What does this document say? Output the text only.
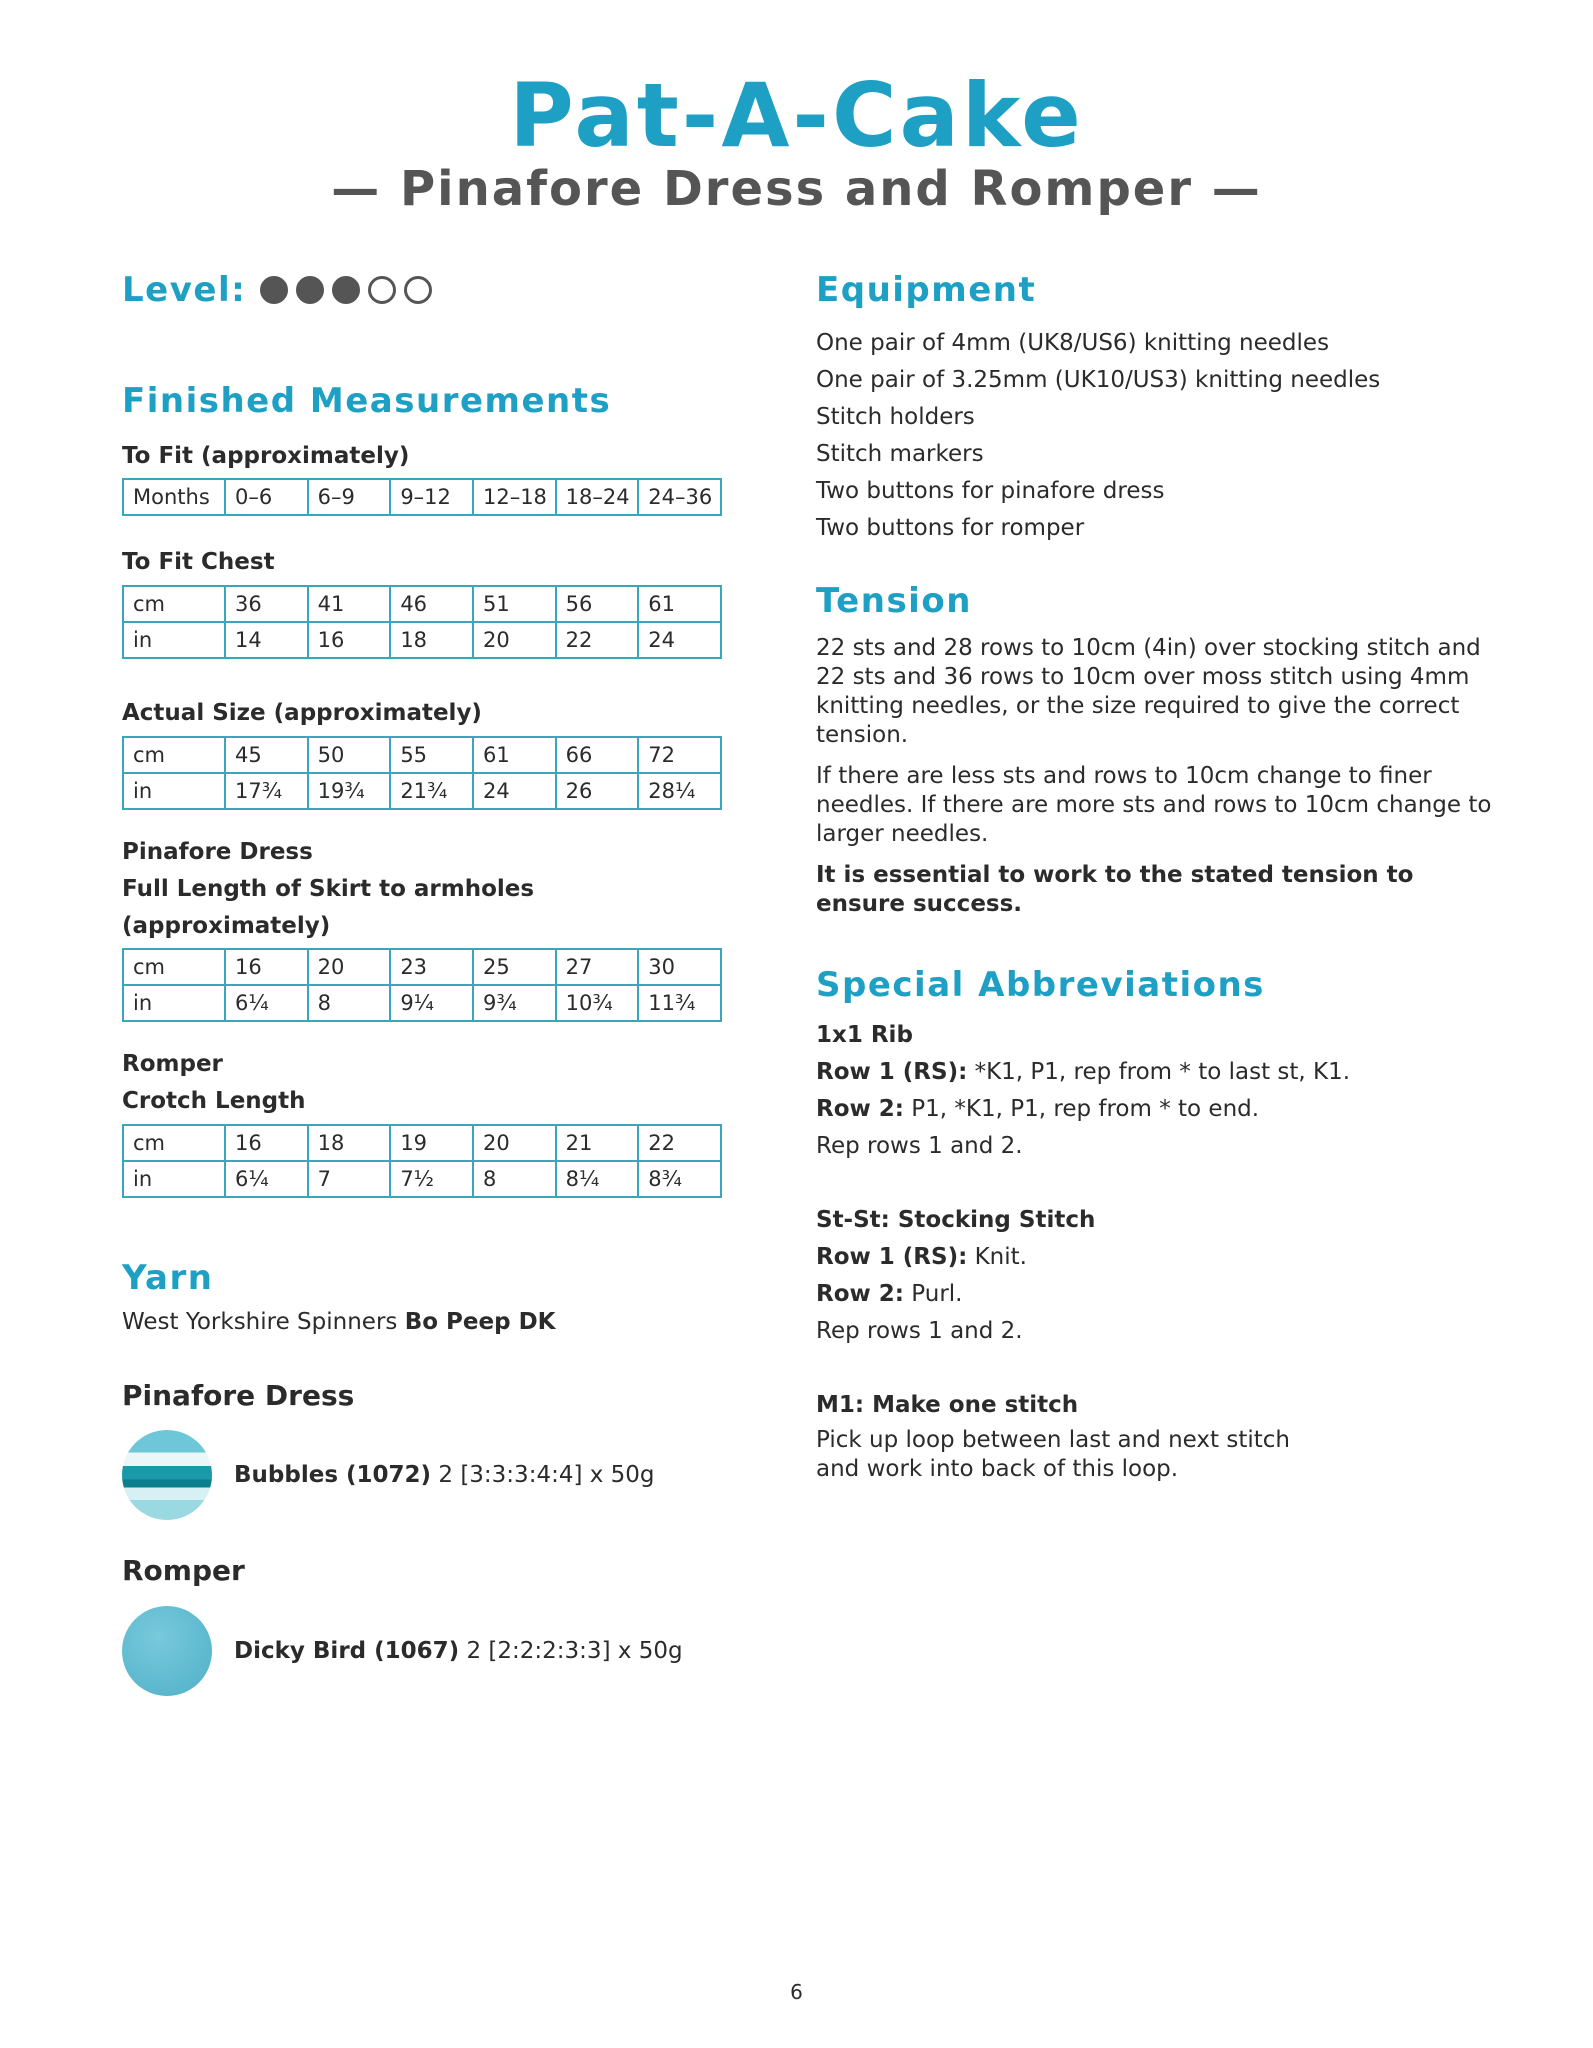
Pat-A-Cake
— Pinafore Dress and Romper —
Level:
Finished Measurements

To Fit (approximately)

Months	0–6	6–9	9–12	12–18	18–24	24–36

To Fit Chest

cm	36	41	46	51	56	61
in	14	16	18	20	22	24

Actual Size (approximately)

cm	45	50	55	61	66	72
in	17¾	19¾	21¾	24	26	28¼

Pinafore Dress

Full Length of Skirt to armholes (approximately)

cm	16	20	23	25	27	30
in	6¼	8	9¼	9¾	10¾	11¾

Romper

Crotch Length

cm	16	18	19	20	21	22
in	6¼	7	7½	8	8¼	8¾
Yarn

West Yorkshire Spinners Bo Peep DK

Pinafore Dress

Bubbles (1072) 2 [3:3:3:4:4] x 50g

Romper

Dicky Bird (1067) 2 [2:2:2:3:3] x 50g
Equipment
One pair of 4mm (UK8/US6) knitting needles
One pair of 3.25mm (UK10/US3) knitting needles
Stitch holders
Stitch markers
Two buttons for pinafore dress
Two buttons for romper
Tension

22 sts and 28 rows to 10cm (4in) over stocking stitch and 22 sts and 36 rows to 10cm over moss stitch using 4mm knitting needles, or the size required to give the correct tension.

If there are less sts and rows to 10cm change to finer needles. If there are more sts and rows to 10cm change to larger needles.

It is essential to work to the stated tension to ensure success.

Special Abbreviations

1x1 Rib

Row 1 (RS): *K1, P1, rep from * to last st, K1.

Row 2: P1, *K1, P1, rep from * to end.

Rep rows 1 and 2.

St-St: Stocking Stitch

Row 1 (RS): Knit.

Row 2: Purl.

Rep rows 1 and 2.

M1: Make one stitch

Pick up loop between last and next stitch and work into back of this loop.

6
